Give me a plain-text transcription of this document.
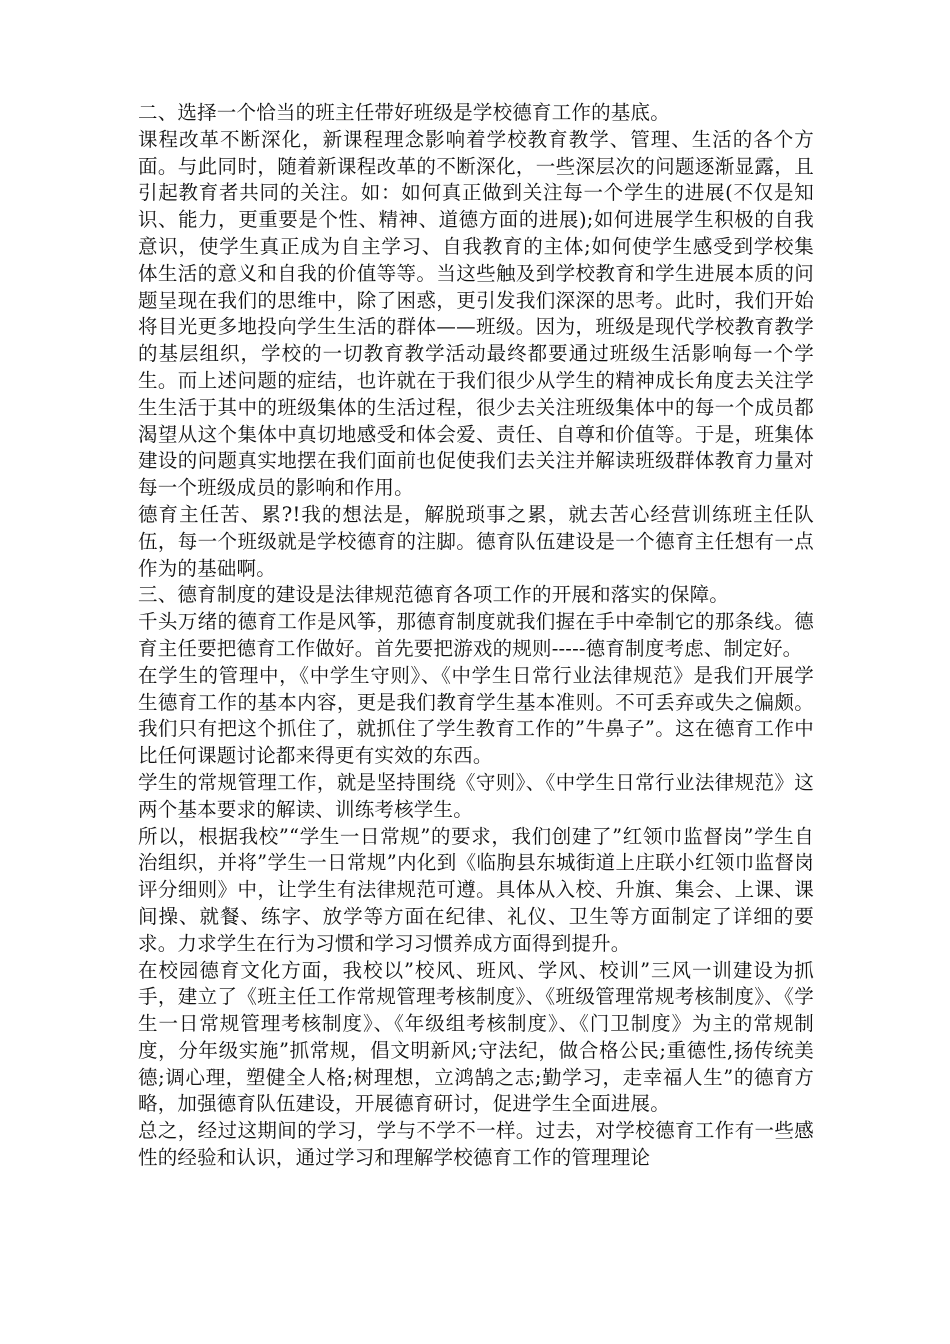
二、选择一个恰当的班主任带好班级是学校德育工作的基底。

课程改革不断深化，新课程理念影响着学校教育教学、管理、生活的各个方面。与此同时，随着新课程改革的不断深化，一些深层次的问题逐渐显露，且引起教育者共同的关注。如：如何真正做到关注每一个学生的进展(不仅是知识、能力，更重要是个性、精神、道德方面的进展);如何进展学生积极的自我意识，使学生真正成为自主学习、自我教育的主体;如何使学生感受到学校集体生活的意义和自我的价值等等。当这些触及到学校教育和学生进展本质的问题呈现在我们的思维中，除了困惑，更引发我们深深的思考。此时，我们开始将目光更多地投向学生生活的群体——班级。因为，班级是现代学校教育教学的基层组织，学校的一切教育教学活动最终都要通过班级生活影响每一个学生。而上述问题的症结，也许就在于我们很少从学生的精神成长角度去关注学生生活于其中的班级集体的生活过程，很少去关注班级集体中的每一个成员都渴望从这个集体中真切地感受和体会爱、责任、自尊和价值等。于是，班集体建设的问题真实地摆在我们面前也促使我们去关注并解读班级群体教育力量对每一个班级成员的影响和作用。

德育主任苦、累?!我的想法是，解脱琐事之累，就去苦心经营训练班主任队伍，每一个班级就是学校德育的注脚。德育队伍建设是一个德育主任想有一点作为的基础啊。

三、德育制度的建设是法律规范德育各项工作的开展和落实的保障。

千头万绪的德育工作是风筝，那德育制度就我们握在手中牵制它的那条线。德育主任要把德育工作做好。首先要把游戏的规则-----德育制度考虑、制定好。

在学生的管理中，《中学生守则》、《中学生日常行业法律规范》是我们开展学生德育工作的基本内容，更是我们教育学生基本准则。不可丢弃或失之偏颇。我们只有把这个抓住了，就抓住了学生教育工作的”牛鼻子”。这在德育工作中比任何课题讨论都来得更有实效的东西。

学生的常规管理工作，就是坚持围绕《守则》、《中学生日常行业法律规范》这两个基本要求的解读、训练考核学生。

所以，根据我校”“学生一日常规”的要求，我们创建了”红领巾监督岗”学生自治组织，并将”学生一日常规”内化到《临朐县东城街道上庄联小红领巾监督岗评分细则》中，让学生有法律规范可遵。具体从入校、升旗、集会、上课、课间操、就餐、练字、放学等方面在纪律、礼仪、卫生等方面制定了详细的要求。力求学生在行为习惯和学习习惯养成方面得到提升。

在校园德育文化方面，我校以”校风、班风、学风、校训”三风一训建设为抓手，建立了《班主任工作常规管理考核制度》、《班级管理常规考核制度》、《学生一日常规管理考核制度》、《年级组考核制度》、《门卫制度》为主的常规制度，分年级实施”抓常规，倡文明新风;守法纪，做合格公民;重德性,扬传统美德;调心理，塑健全人格;树理想，立鸿鹄之志;勤学习，走幸福人生”的德育方略，加强德育队伍建设，开展德育研讨，促进学生全面进展。

总之，经过这期间的学习，学与不学不一样。过去，对学校德育工作有一些感性的经验和认识，通过学习和理解学校德育工作的管理理论
